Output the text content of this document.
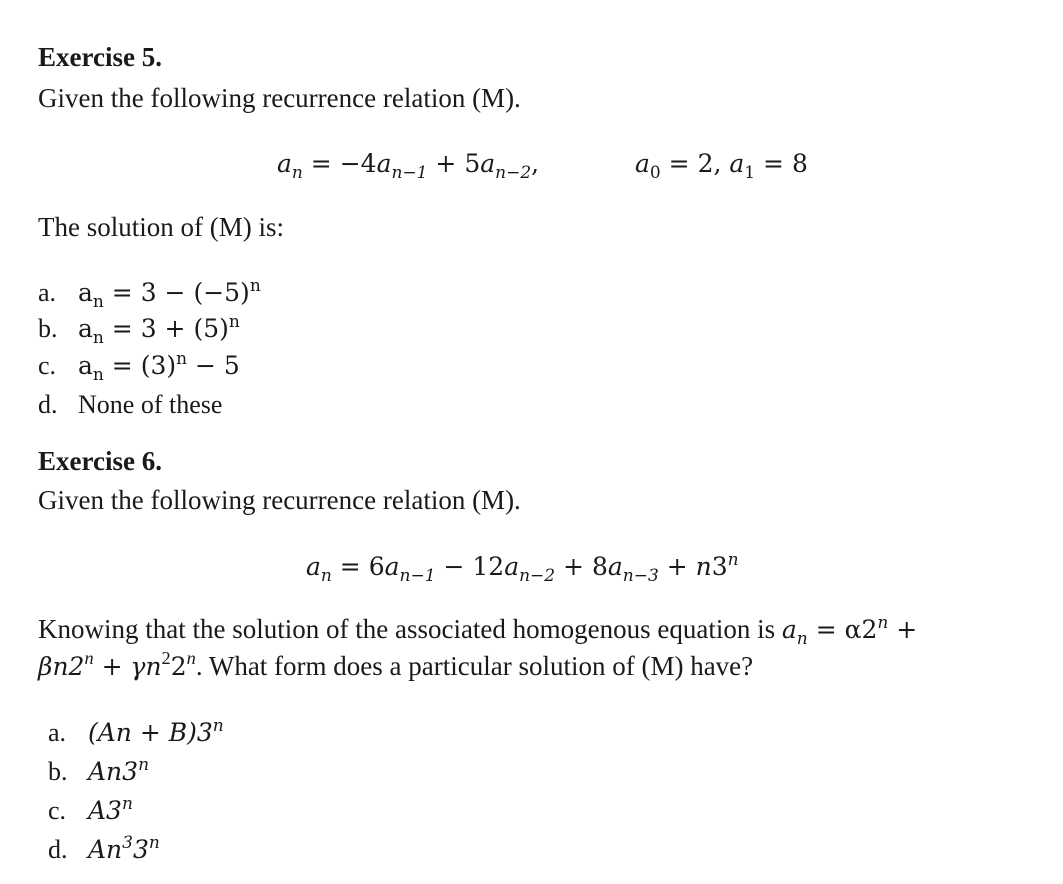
Exercise 5.
Given the following recurrence relation (M).
$a_n = -4a_{n-1} + 5a_{n-2}$,	$a_0 = 2$, $a_1 = 8$
The solution of (M) is:
a. $a_n = 3 - (-5)^n$
b. $a_n = 3 + (5)^n$
c. $a_n = (3)^n - 5$
d. None of these
Exercise 6.
Given the following recurrence relation (M).
$a_n = 6a_{n-1} - 12a_{n-2} + 8a_{n-3} + n3^n$
Knowing that the solution of the associated homogenous equation is $a_n = \alpha 2^n$ +
$\beta n2^n + \gamma n^22^n$. What form does a particular solution of (M) have?
a. $(An + B)3^n$
b. An3$^n$
c. A3$^n$
d. An$^3$3$^n$
